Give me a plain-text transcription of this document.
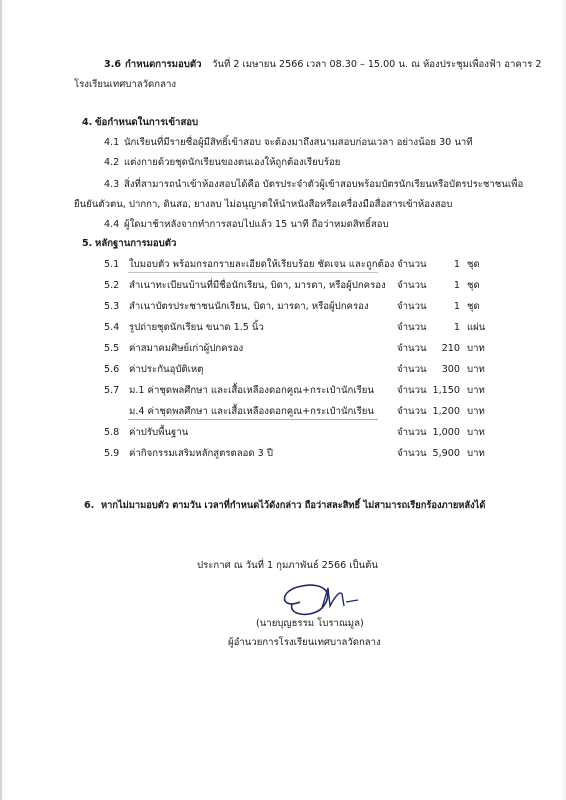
3.6 กำหนดการมอบตัว วันที่ 2 เมษายน 2566 เวลา 08.30 – 15.00 น. ณ ห้องประชุมเพื่องฟ้า อาคาร 2
โรงเรียนเทศบาลวัดกลาง
4. ข้อกำหนดในการเข้าสอบ
4.1 นักเรียนที่มีรายชื่อผู้มีสิทธิ์เข้าสอบ จะต้องมาถึงสนามสอบก่อนเวลา อย่างน้อย 30 นาที
4.2 แต่งกายด้วยชุดนักเรียนของตนเองให้ถูกต้องเรียบร้อย
4.3 สิ่งที่สามารถนำเข้าห้องสอบได้คือ บัตรประจำตัวผู้เข้าสอบพร้อมบัตรนักเรียนหรือบัตรประชาชนเพื่อ
ยืนยันตัวตน, ปากกา, ดินสอ, ยางลบ ไม่อนุญาตให้นำหนังสือหรือเครื่องมือสื่อสารเข้าห้องสอบ
4.4 ผู้ใดมาช้าหลังจากทำการสอบไปแล้ว 15 นาที ถือว่าหมดสิทธิ์สอบ
5. หลักฐานการมอบตัว
5.1 ใบมอบตัว พร้อมกรอกรายละเอียดให้เรียบร้อย ชัดเจน และถูกต้อง จำนวน	1 ชุด
5.2 สำเนาทะเบียนบ้านที่มีชื่อนักเรียน, บิดา, มารดา, หรือผู้ปกครอง จำนวน	1 ชุด
5.3 สำเนาบัตรประชาชนนักเรียน, บิดา, มารดา, หรือผู้ปกครอง	จำนวน	1 ชุด
5.4 รูปถ่ายชุดนักเรียน ขนาด 1.5 นิ้ว	จำนวน	1 แผ่น
5.5 ค่าสมาคมศิษย์เก่าผู้ปกครอง	จำนวน	210 บาท
5.6 ค่าประกันอุบัติเหตุ	จำนวน	300 บาท
5.7 ม.1 ค่าชุดพลศึกษา และเสื้อเหลืองดอกคูณ+กระเป๋านักเรียน จำนวน 1,150 บาท
ม.4 ค่าชุดพลศึกษา และเสื้อเหลืองดอกคูณ+กระเป๋านักเรียน จำนวน 1,200 บาท
5.8 ค่าปรับพื้นฐาน	จำนวน 1,000 บาท
5.9 ค่ากิจกรรมเสริมหลักสูตรตลอด 3 ปี	จำนวน 5,900 บาท
6. หากไม่มามอบตัว ตามวัน เวลาที่กำหนดไว้ดังกล่าว ถือว่าสละสิทธิ์ ไม่สามารถเรียกร้องภายหลังได้
ประกาศ ณ วันที่ 1 กุมภาพันธ์ 2566 เป็นต้น
(นายบุญธรรม โบราณมูล)
ผู้อำนวยการโรงเรียนเทศบาลวัดกลาง
